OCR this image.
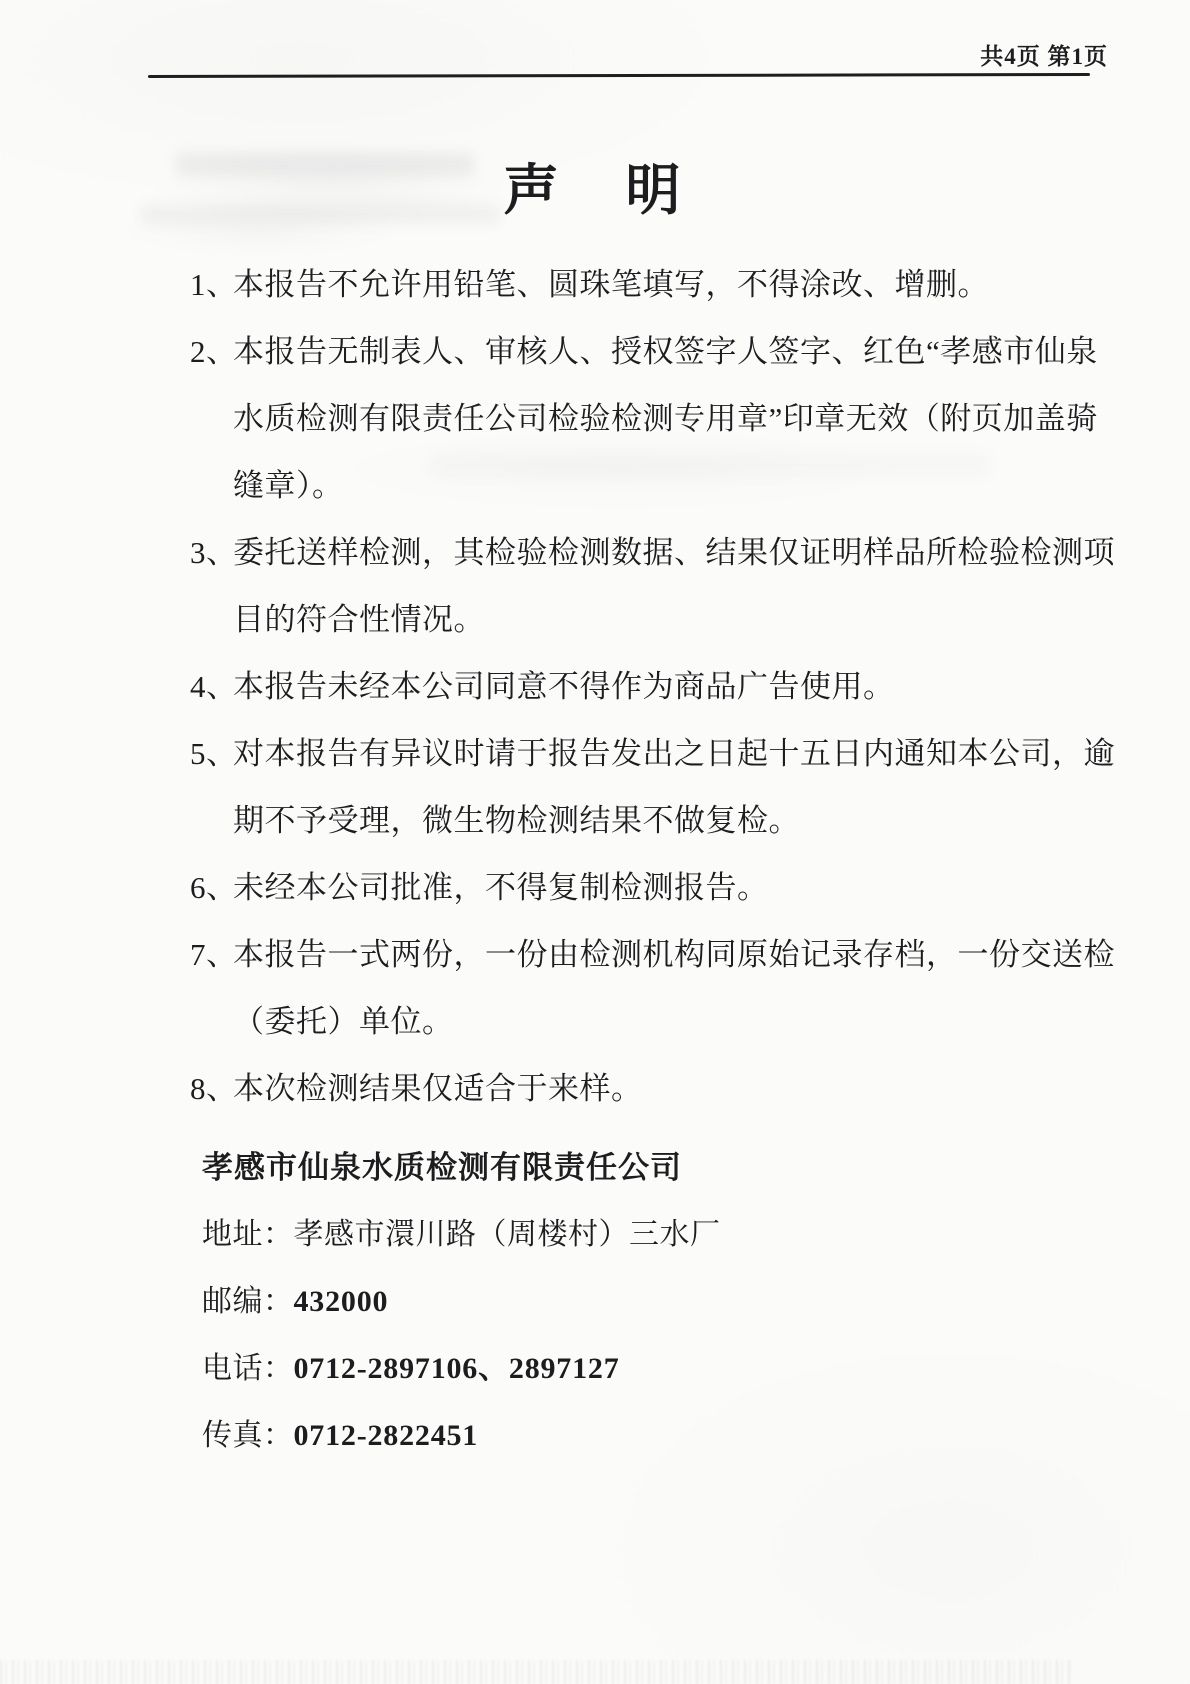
共4页 第1页
声　明
1、本报告不允许用铅笔、圆珠笔填写，不得涂改、增删。
2、本报告无制表人、审核人、授权签字人签字、红色“孝感市仙泉
水质检测有限责任公司检验检测专用章”印章无效（附页加盖骑
缝章）。
3、委托送样检测，其检验检测数据、结果仅证明样品所检验检测项
目的符合性情况。
4、本报告未经本公司同意不得作为商品广告使用。
5、对本报告有异议时请于报告发出之日起十五日内通知本公司，逾
期不予受理，微生物检测结果不做复检。
6、未经本公司批准，不得复制检测报告。
7、本报告一式两份，一份由检测机构同原始记录存档，一份交送检
（委托）单位。
8、本次检测结果仅适合于来样。
孝感市仙泉水质检测有限责任公司
地址：孝感市澴川路（周楼村）三水厂
邮编：432000
电话：0712-2897106、2897127
传真：0712-2822451
